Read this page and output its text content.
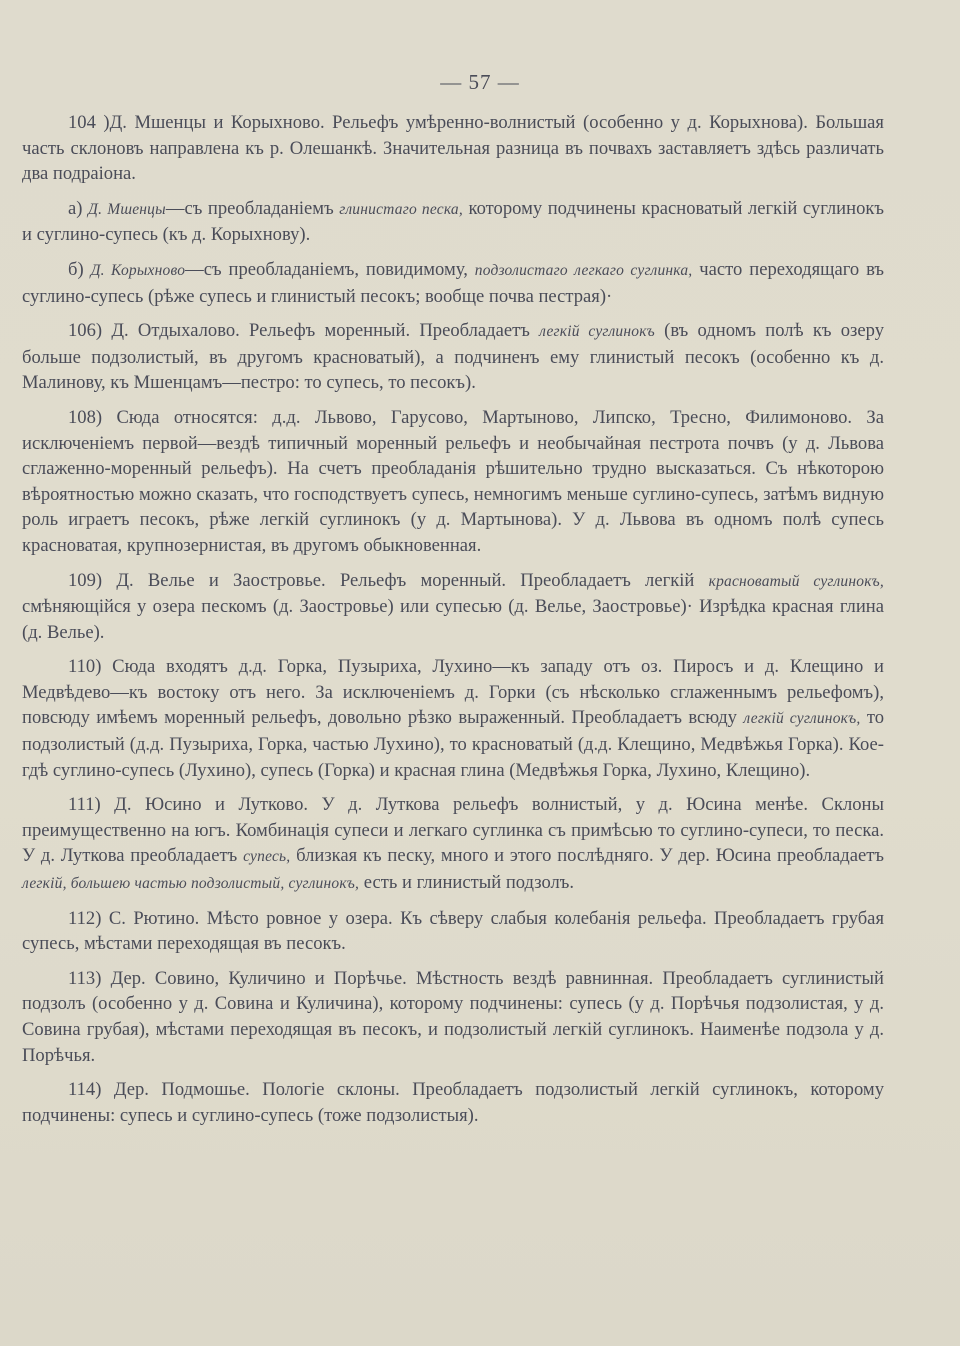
— 57 —

104 )Д. Мшенцы и Корыхново. Рельефъ умѣренно-волнистый (особенно у д. Корыхнова). Большая часть склоновъ направлена къ р. Олешанкѣ. Значительная разница въ почвахъ заставляетъ здѣсь различать два подраіона.

а) Д. Мшенцы—съ преобладаніемъ глинистаго песка, которому подчинены красноватый легкій суглинокъ и суглино-супесь (къ д. Корыхнову).

б) Д. Корыхново—съ преобладаніемъ, повидимому, подзолистаго легкаго суглинка, часто переходящаго въ суглино-супесь (рѣже супесь и глинистый песокъ; вообще почва пестрая)·

106) Д. Отдыхалово. Рельефъ моренный. Преобладаетъ легкій суглинокъ (въ одномъ полѣ къ озеру больше подзолистый, въ другомъ красноватый), а подчиненъ ему глинистый песокъ (особенно къ д. Малинову, къ Мшенцамъ—пестро: то супесь, то песокъ).

108) Сюда относятся: д.д. Львово, Гарусово, Мартыново, Липско, Тресно, Филимоново. За исключеніемъ первой—вездѣ типичный моренный рельефъ и необычайная пестрота почвъ (у д. Львова сглаженно-моренный рельефъ). На счетъ преобладанія рѣшительно трудно высказаться. Съ нѣкоторою вѣроятностью можно сказать, что господствуетъ супесь, немногимъ меньше суглино-супесь, затѣмъ видную роль играетъ песокъ, рѣже легкій суглинокъ (у д. Мартынова). У д. Львова въ одномъ полѣ супесь красноватая, крупнозернистая, въ другомъ обыкновенная.

109) Д. Велье и Заостровье. Рельефъ моренный. Преобладаетъ легкій красноватый суглинокъ, смѣняющійся у озера пескомъ (д. Заостровье) или супесью (д. Велье, Заостровье)· Изрѣдка красная глина (д. Велье).

110) Сюда входятъ д.д. Горка, Пузыриха, Лухино—къ западу отъ оз. Пиросъ и д. Клещино и Медвѣдево—къ востоку отъ него. За исключеніемъ д. Горки (съ нѣсколько сглаженнымъ рельефомъ), повсюду имѣемъ моренный рельефъ, довольно рѣзко выраженный. Преобладаетъ всюду легкій суглинокъ, то подзолистый (д.д. Пузыриха, Горка, частью Лухино), то красноватый (д.д. Клещино, Медвѣжья Горка). Кое-гдѣ суглино-супесь (Лухино), супесь (Горка) и красная глина (Медвѣжья Горка, Лухино, Клещино).

111) Д. Юсино и Лутково. У д. Луткова рельефъ волнистый, у д. Юсина менѣе. Склоны преимущественно на югъ. Комбинація супеси и легкаго суглинка съ примѣсью то суглино-супеси, то песка. У д. Луткова преобладаетъ супесь, близкая къ песку, много и этого послѣдняго. У дер. Юсина преобладаетъ легкій, большею частью подзолистый, суглинокъ, есть и глинистый подзолъ.

112) С. Рютино. Мѣсто ровное у озера. Къ сѣверу слабыя колебанія рельефа. Преобладаетъ грубая супесь, мѣстами переходящая въ песокъ.

113) Дер. Совино, Куличино и Порѣчье. Мѣстность вездѣ равнинная. Преобладаетъ суглинистый подзолъ (особенно у д. Совина и Куличина), которому подчинены: супесь (у д. Порѣчья подзолистая, у д. Совина грубая), мѣстами переходящая въ песокъ, и подзолистый легкій суглинокъ. Наименѣе подзола у д. Порѣчья.

114) Дер. Подмошье. Пологіе склоны. Преобладаетъ подзолистый легкій суглинокъ, которому подчинены: супесь и суглино-супесь (тоже подзолистыя).
